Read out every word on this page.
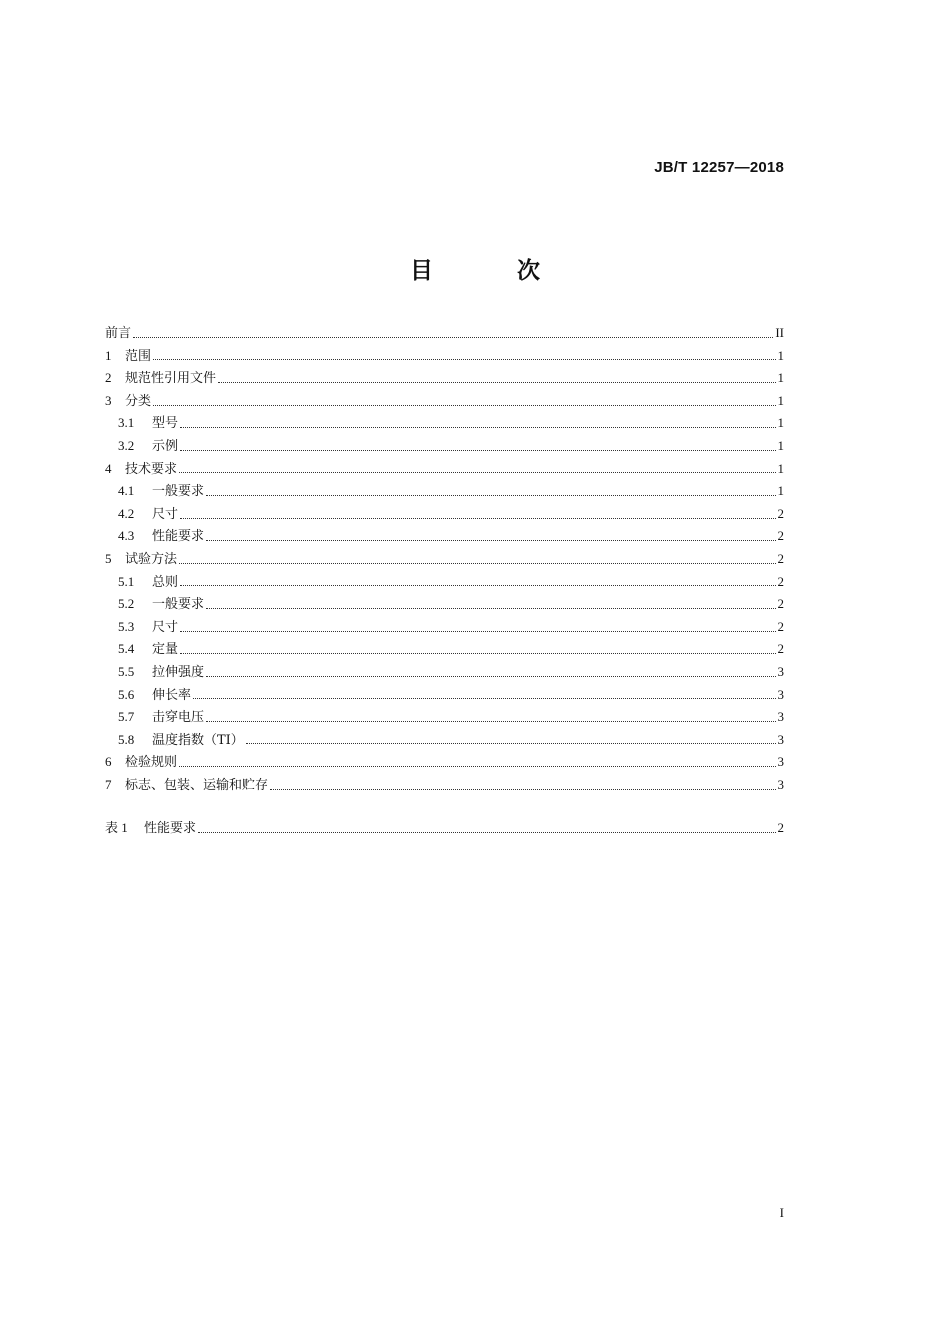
JB/T 12257—2018
目 次
前言	II
1	范围	1
2	规范性引用文件	1
3	分类	1
3.1	型号	1
3.2	示例	1
4	技术要求	1
4.1	一般要求	1
4.2	尺寸	2
4.3	性能要求	2
5	试验方法	2
5.1	总则	2
5.2	一般要求	2
5.3	尺寸	2
5.4	定量	2
5.5	拉伸强度	3
5.6	伸长率	3
5.7	击穿电压	3
5.8	温度指数（TI）	3
6	检验规则	3
7	标志、包装、运输和贮存	3
表 1	性能要求	2
I
